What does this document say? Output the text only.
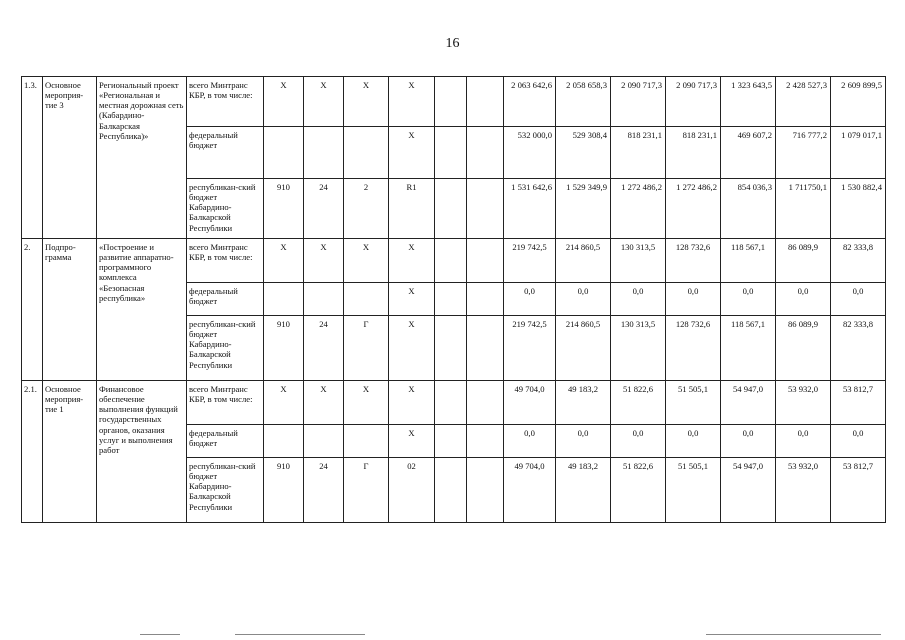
16
1.3.	Основное мероприя-тие 3	Региональный проект «Региональная и местная дорожная сеть (Кабардино-Балкарская Республика)»	всего Минтранс КБР, в том числе:	Х	Х	Х	Х			2 063 642,6	2 058 658,3	2 090 717,3	2 090 717,3	1 323 643,5	2 428 527,3	2 609 899,5
			федеральный бюджет				Х			532 000,0	529 308,4	818 231,1	818 231,1	469 607,2	716 777,2	1 079 017,1
			республикан-ский бюджет Кабардино-Балкарской Республики	910	24	2	R1			1 531 642,6	1 529 349,9	1 272 486,2	1 272 486,2	854 036,3	1 711750,1	1 530 882,4
2.	Подпро-грамма	«Построение и развитие аппаратно-программного комплекса «Безопасная республика»	всего Минтранс КБР, в том числе:	Х	Х	Х	Х			219 742,5	214 860,5	130 313,5	128 732,6	118 567,1	86 089,9	82 333,8
			федеральный бюджет				Х			0,0	0,0	0,0	0,0	0,0	0,0	0,0
			республикан-ский бюджет Кабардино-Балкарской Республики	910	24	Г	Х			219 742,5	214 860,5	130 313,5	128 732,6	118 567,1	86 089,9	82 333,8
2.1.	Основное мероприя-тие 1	Финансовое обеспечение выполнения функций государственных органов, оказания услуг и выполнения работ	всего Минтранс КБР, в том числе:	Х	Х	Х	Х			49 704,0	49 183,2	51 822,6	51 505,1	54 947,0	53 932,0	53 812,7
			федеральный бюджет				Х			0,0	0,0	0,0	0,0	0,0	0,0	0,0
			республикан-ский бюджет Кабардино-Балкарской Республики	910	24	Г	02			49 704,0	49 183,2	51 822,6	51 505,1	54 947,0	53 932,0	53 812,7
